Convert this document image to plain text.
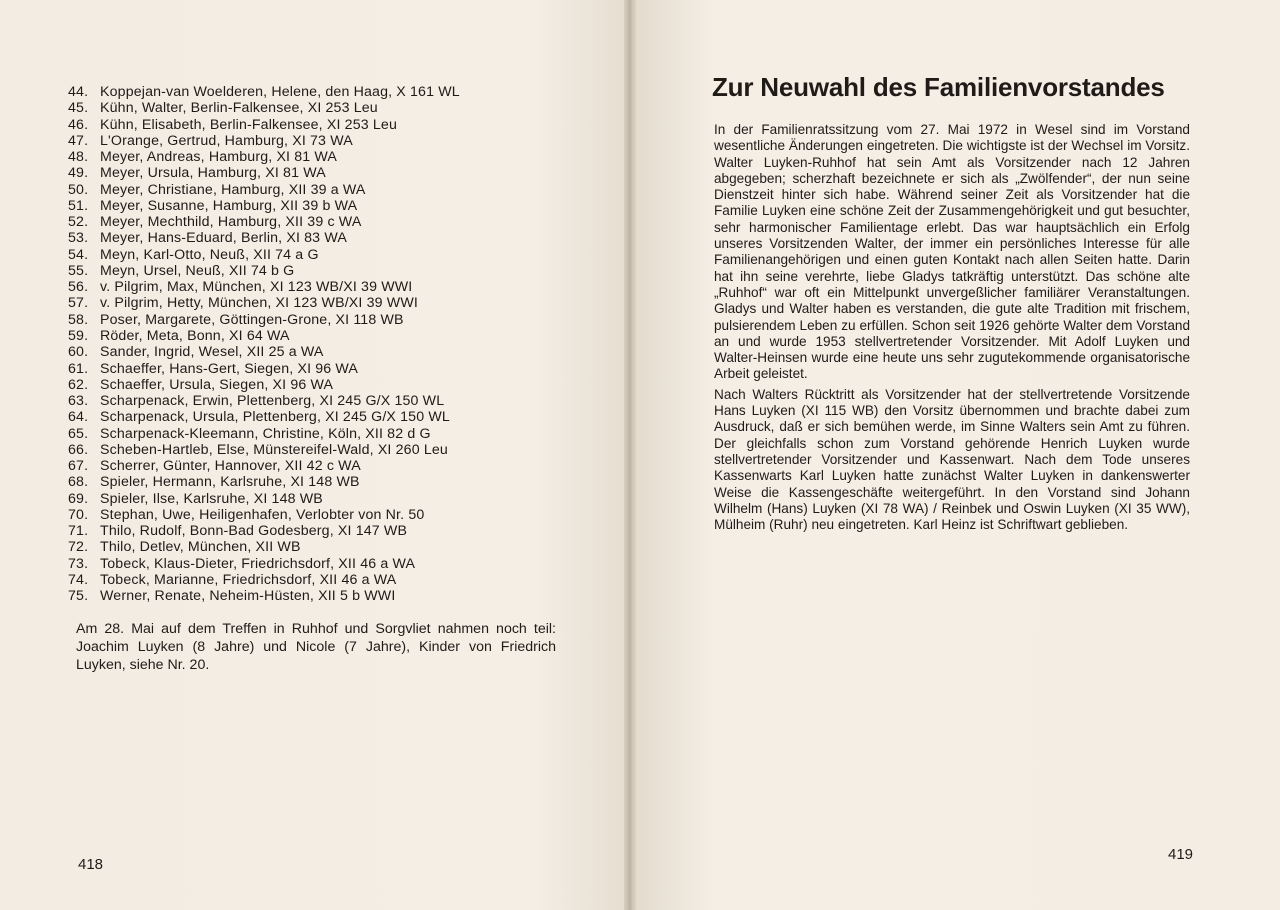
44. Koppejan-van Woelderen, Helene, den Haag, X 161 WL
45. Kühn, Walter, Berlin-Falkensee, XI 253 Leu
46. Kühn, Elisabeth, Berlin-Falkensee, XI 253 Leu
47. L'Orange, Gertrud, Hamburg, XI 73 WA
48. Meyer, Andreas, Hamburg, XI 81 WA
49. Meyer, Ursula, Hamburg, XI 81 WA
50. Meyer, Christiane, Hamburg, XII 39 a WA
51. Meyer, Susanne, Hamburg, XII 39 b WA
52. Meyer, Mechthild, Hamburg, XII 39 c WA
53. Meyer, Hans-Eduard, Berlin, XI 83 WA
54. Meyn, Karl-Otto, Neuß, XII 74 a G
55. Meyn, Ursel, Neuß, XII 74 b G
56. v. Pilgrim, Max, München, XI 123 WB/XI 39 WWI
57. v. Pilgrim, Hetty, München, XI 123 WB/XI 39 WWI
58. Poser, Margarete, Göttingen-Grone, XI 118 WB
59. Röder, Meta, Bonn, XI 64 WA
60. Sander, Ingrid, Wesel, XII 25 a WA
61. Schaeffer, Hans-Gert, Siegen, XI 96 WA
62. Schaeffer, Ursula, Siegen, XI 96 WA
63. Scharpenack, Erwin, Plettenberg, XI 245 G/X 150 WL
64. Scharpenack, Ursula, Plettenberg, XI 245 G/X 150 WL
65. Scharpenack-Kleemann, Christine, Köln, XII 82 d G
66. Scheben-Hartleb, Else, Münstereifel-Wald, XI 260 Leu
67. Scherrer, Günter, Hannover, XII 42 c WA
68. Spieler, Hermann, Karlsruhe, XI 148 WB
69. Spieler, Ilse, Karlsruhe, XI 148 WB
70. Stephan, Uwe, Heiligenhafen, Verlobter von Nr. 50
71. Thilo, Rudolf, Bonn-Bad Godesberg, XI 147 WB
72. Thilo, Detlev, München, XII WB
73. Tobeck, Klaus-Dieter, Friedrichsdorf, XII 46 a WA
74. Tobeck, Marianne, Friedrichsdorf, XII 46 a WA
75. Werner, Renate, Neheim-Hüsten, XII 5 b WWI

Am 28. Mai auf dem Treffen in Ruhhof und Sorgvliet nahmen noch teil: Joachim Luyken (8 Jahre) und Nicole (7 Jahre), Kinder von Friedrich Luyken, siehe Nr. 20.

418
Zur Neuwahl des Familienvorstandes

In der Familienratssitzung vom 27. Mai 1972 in Wesel sind im Vorstand wesentliche Änderungen eingetreten. Die wichtigste ist der Wechsel im Vorsitz. Walter Luyken-Ruhhof hat sein Amt als Vorsitzender nach 12 Jahren abgegeben; scherzhaft bezeichnete er sich als „Zwölfender“, der nun seine Dienstzeit hinter sich habe. Während seiner Zeit als Vorsitzender hat die Familie Luyken eine schöne Zeit der Zusammengehörigkeit und gut besuchter, sehr harmonischer Familientage erlebt. Das war hauptsächlich ein Erfolg unseres Vorsitzenden Walter, der immer ein persönliches Interesse für alle Familienangehörigen und einen guten Kontakt nach allen Seiten hatte. Darin hat ihn seine verehrte, liebe Gladys tatkräftig unterstützt. Das schöne alte „Ruhhof“ war oft ein Mittelpunkt unvergeßlicher familiärer Veranstaltungen. Gladys und Walter haben es verstanden, die gute alte Tradition mit frischem, pulsierendem Leben zu erfüllen. Schon seit 1926 gehörte Walter dem Vorstand an und wurde 1953 stellvertretender Vorsitzender. Mit Adolf Luyken und Walter-Heinsen wurde eine heute uns sehr zugutekommende organisatorische Arbeit geleistet.

Nach Walters Rücktritt als Vorsitzender hat der stellvertretende Vorsitzende Hans Luyken (XI 115 WB) den Vorsitz übernommen und brachte dabei zum Ausdruck, daß er sich bemühen werde, im Sinne Walters sein Amt zu führen. Der gleichfalls schon zum Vorstand gehörende Henrich Luyken wurde stellvertretender Vorsitzender und Kassenwart. Nach dem Tode unseres Kassenwarts Karl Luyken hatte zunächst Walter Luyken in dankenswerter Weise die Kassengeschäfte weitergeführt. In den Vorstand sind Johann Wilhelm (Hans) Luyken (XI 78 WA) / Reinbek und Oswin Luyken (XI 35 WW), Mülheim (Ruhr) neu eingetreten. Karl Heinz ist Schriftwart geblieben.

419
